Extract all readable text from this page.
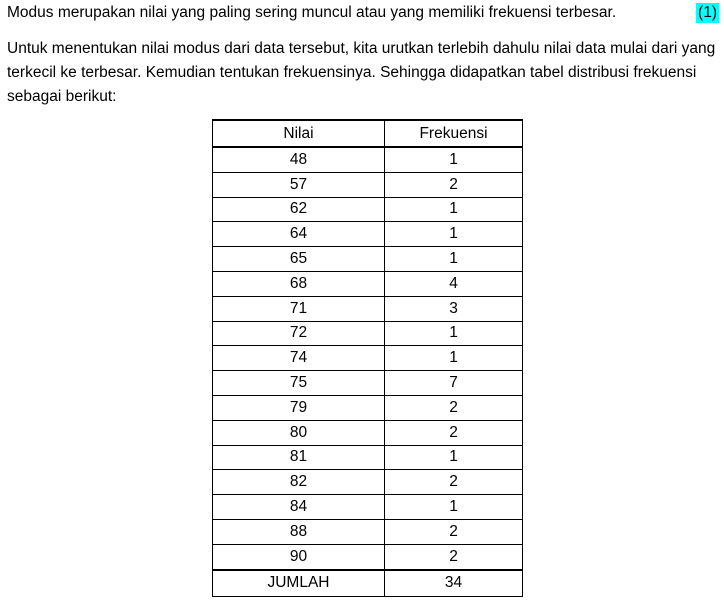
Modus merupakan nilai yang paling sering muncul atau yang memiliki frekuensi terbesar.	(1)

Untuk menentukan nilai modus dari data tersebut, kita urutkan terlebih dahulu nilai data mulai dari yang terkecil ke terbesar. Kemudian tentukan frekuensinya. Sehingga didapatkan tabel distribusi frekuensi sebagai berikut:

Nilai	Frekuensi
48	1
57	2
62	1
64	1
65	1
68	4
71	3
72	1
74	1
75	7
79	2
80	2
81	1
82	2
84	1
88	2
90	2
JUMLAH	34
